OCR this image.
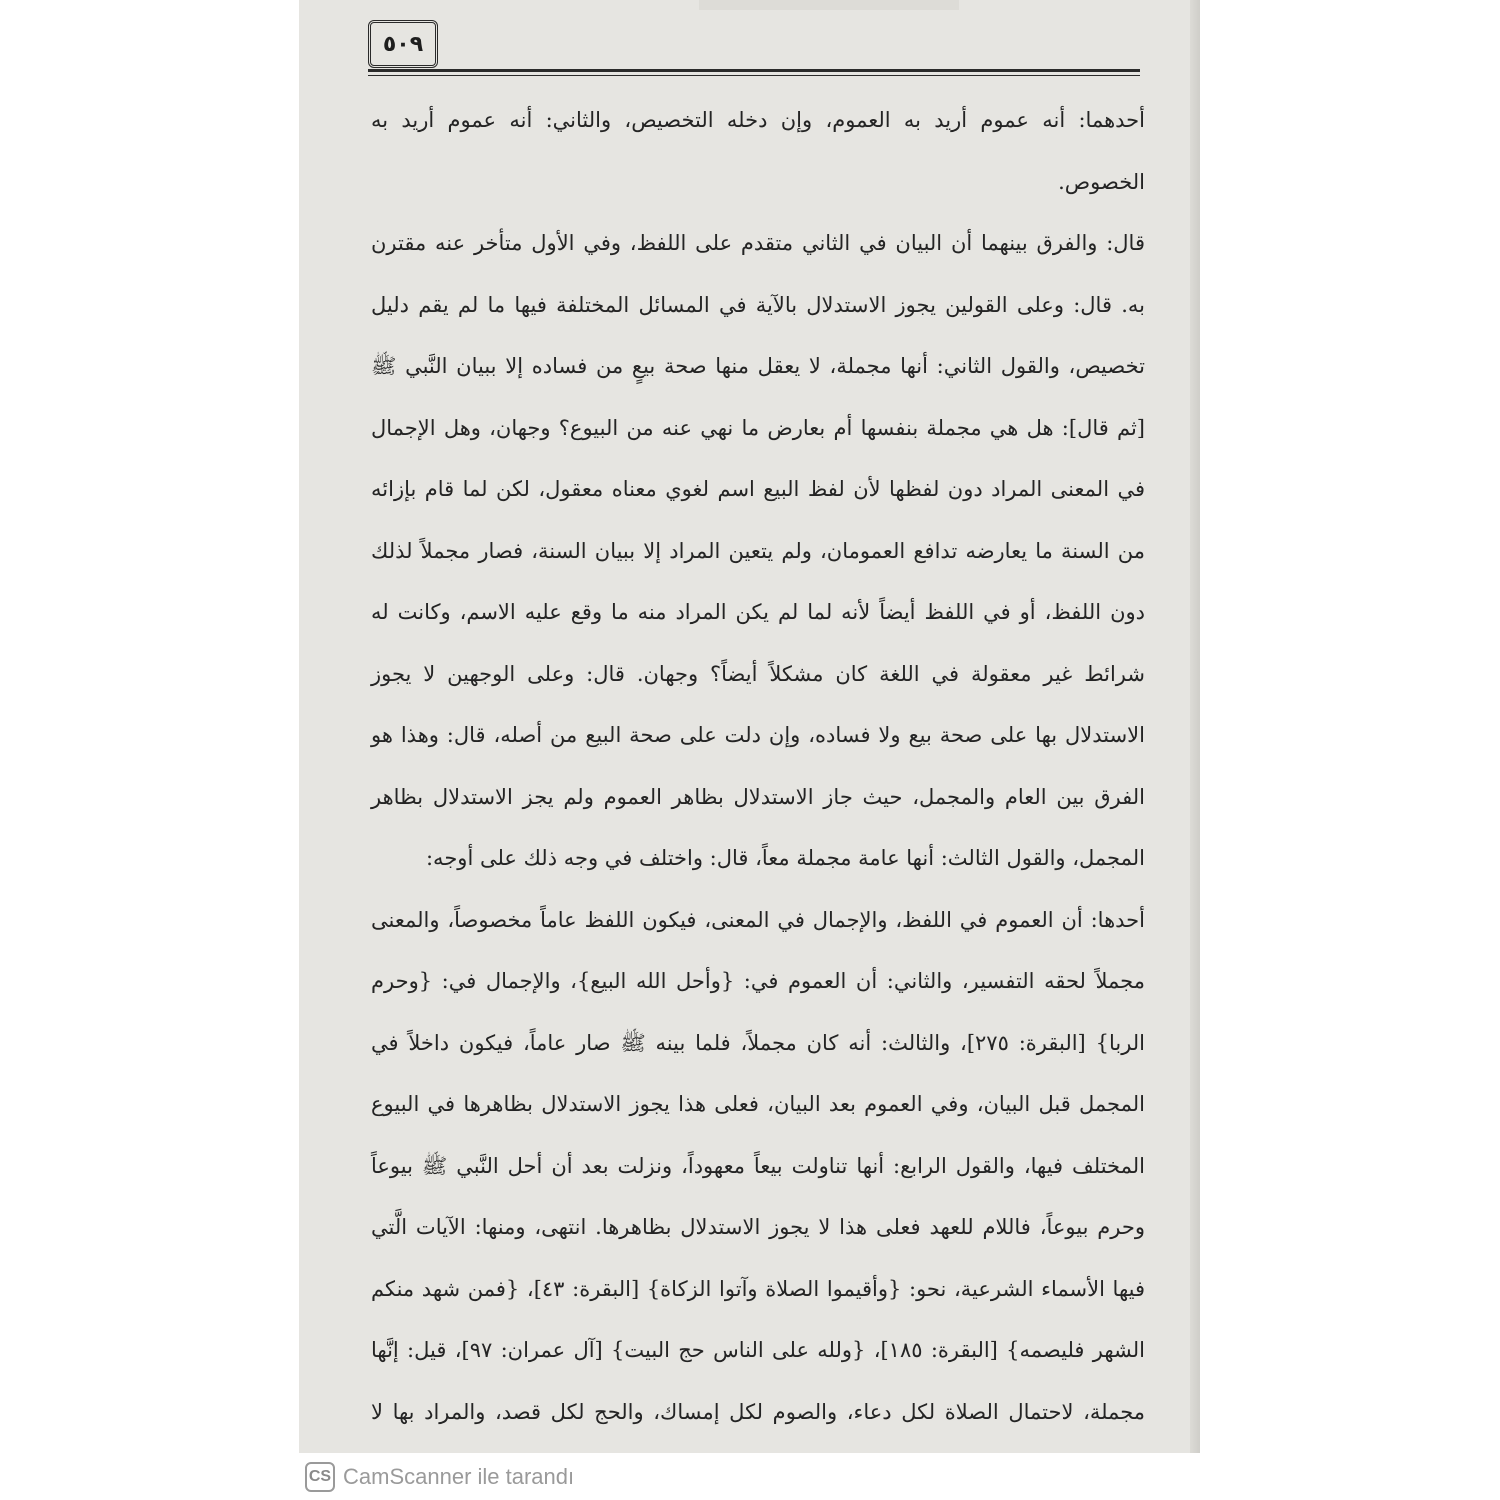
٥٠٩

أحدهما: أنه عموم أريد به العموم، وإن دخله التخصيص، والثاني: أنه عموم أريد به الخصوص.

قال: والفرق بينهما أن البيان في الثاني متقدم على اللفظ، وفي الأول متأخر عنه مقترن به. قال: وعلى القولين يجوز الاستدلال بالآية في المسائل المختلفة فيها ما لم يقم دليل تخصيص، والقول الثاني: أنها مجملة، لا يعقل منها صحة بيعٍ من فساده إلا ببيان النَّبي ﷺ [ثم قال]: هل هي مجملة بنفسها أم بعارض ما نهي عنه من البيوع؟ وجهان، وهل الإجمال في المعنى المراد دون لفظها لأن لفظ البيع اسم لغوي معناه معقول، لكن لما قام بإزائه من السنة ما يعارضه تدافع العمومان، ولم يتعين المراد إلا ببيان السنة، فصار مجملاً لذلك دون اللفظ، أو في اللفظ أيضاً لأنه لما لم يكن المراد منه ما وقع عليه الاسم، وكانت له شرائط غير معقولة في اللغة كان مشكلاً أيضاً؟ وجهان. قال: وعلى الوجهين لا يجوز الاستدلال بها على صحة بيع ولا فساده، وإن دلت على صحة البيع من أصله، قال: وهذا هو الفرق بين العام والمجمل، حيث جاز الاستدلال بظاهر العموم ولم يجز الاستدلال بظاهر المجمل، والقول الثالث: أنها عامة مجملة معاً، قال: واختلف في وجه ذلك على أوجه:

أحدها: أن العموم في اللفظ، والإجمال في المعنى، فيكون اللفظ عاماً مخصوصاً، والمعنى مجملاً لحقه التفسير، والثاني: أن العموم في: {وأحل الله البيع}، والإجمال في: {وحرم الربا} [البقرة: ٢٧٥]، والثالث: أنه كان مجملاً، فلما بينه ﷺ صار عاماً، فيكون داخلاً في المجمل قبل البيان، وفي العموم بعد البيان، فعلى هذا يجوز الاستدلال بظاهرها في البيوع المختلف فيها، والقول الرابع: أنها تناولت بيعاً معهوداً، ونزلت بعد أن أحل النَّبي ﷺ بيوعاً وحرم بيوعاً، فاللام للعهد فعلى هذا لا يجوز الاستدلال بظاهرها. انتهى، ومنها: الآيات الَّتي فيها الأسماء الشرعية، نحو: {وأقيموا الصلاة وآتوا الزكاة} [البقرة: ٤٣]، {فمن شهد منكم الشهر فليصمه} [البقرة: ١٨٥]، {ولله على الناس حج البيت} [آل عمران: ٩٧]، قيل: إنَّها مجملة، لاحتمال الصلاة لكل دعاء، والصوم لكل إمساك، والحج لكل قصد، والمراد بها لا

CS CamScanner ile tarandı
